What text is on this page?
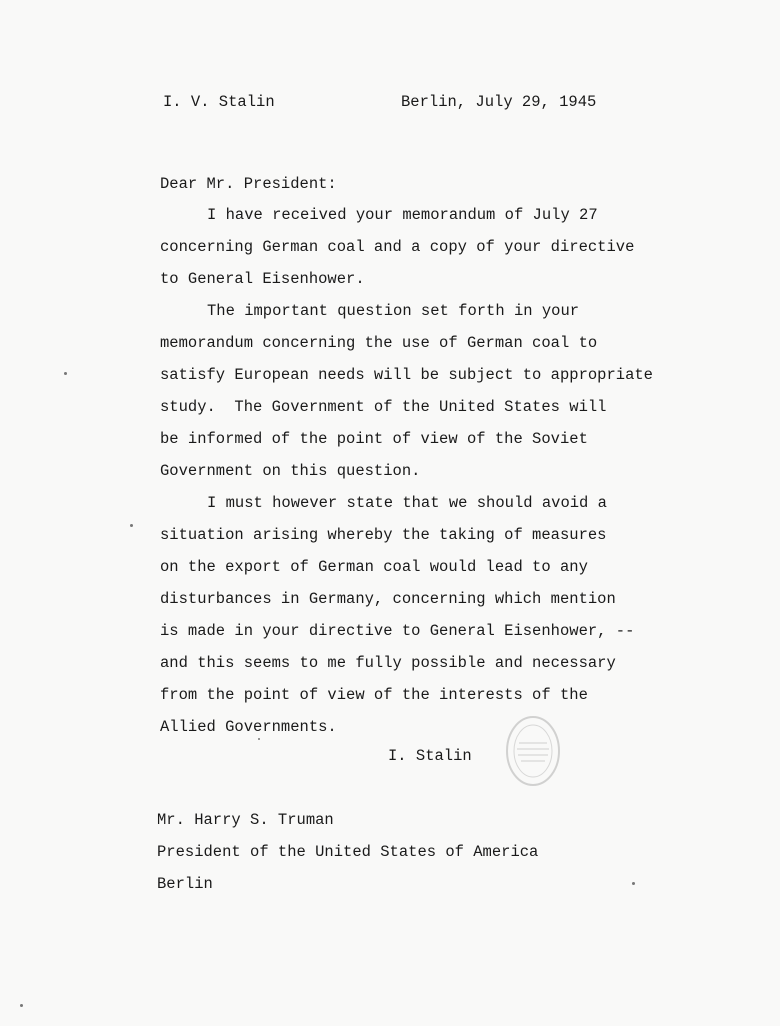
I. V. Stalin	Berlin, July 29, 1945
Dear Mr. President:
I have received your memorandum of July 27
concerning German coal and a copy of your directive
to General Eisenhower.
The important question set forth in your
memorandum concerning the use of German coal to
satisfy European needs will be subject to appropriate
study.  The Government of the United States will
be informed of the point of view of the Soviet
Government on this question.
I must however state that we should avoid a
situation arising whereby the taking of measures
on the export of German coal would lead to any
disturbances in Germany, concerning which mention
is made in your directive to General Eisenhower, --
and this seems to me fully possible and necessary
from the point of view of the interests of the
Allied Governments.
I. Stalin
Mr. Harry S. Truman
President of the United States of America
Berlin
